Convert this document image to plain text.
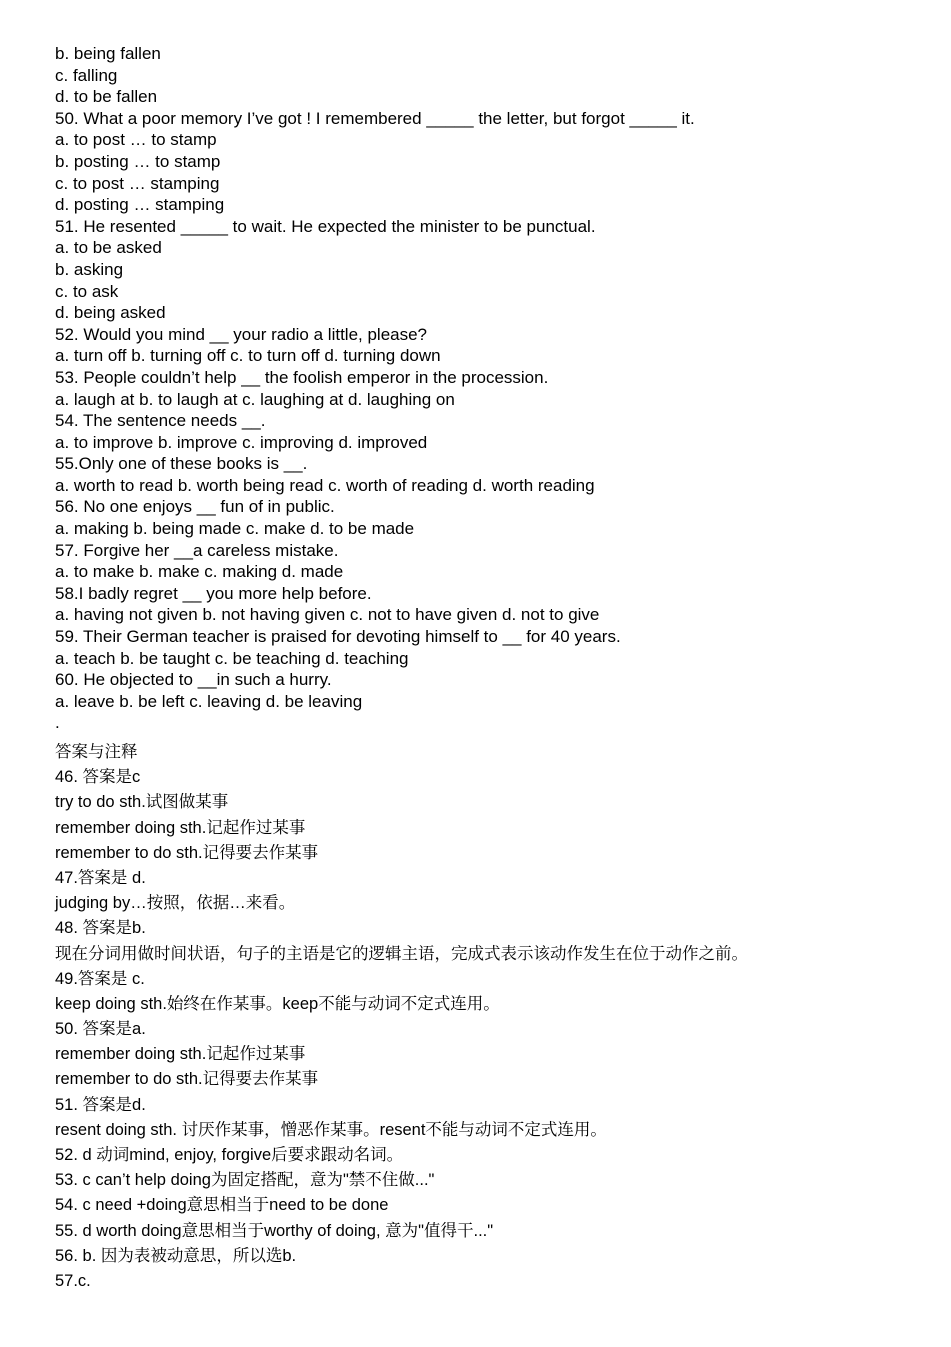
b. being fallen
c. falling
d. to be fallen
50. What a poor memory I’ve got ! I remembered _____ the letter, but forgot _____ it.
a. to post … to stamp
b. posting … to stamp
c. to post … stamping
d. posting … stamping
51. He resented _____ to wait. He expected the minister to be punctual.
a. to be asked
b. asking
c. to ask
d. being asked
52. Would you mind __ your radio a little, please?
a. turn off b. turning off c. to turn off d. turning down
53. People couldn’t help __ the foolish emperor in the procession.
a. laugh at b. to laugh at c. laughing at d. laughing on
54. The sentence needs __.
a. to improve b. improve c. improving d. improved
55.Only one of these books is __.
a. worth to read b. worth being read c. worth of reading d. worth reading
56. No one enjoys __ fun of in public.
a. making b. being made c. make d. to be made
57. Forgive her __a careless mistake.
a. to make b. make c. making d. made
58.I badly regret __ you more help before.
a. having not given b. not having given c. not to have given d. not to give
59. Their German teacher is praised for devoting himself to __ for 40 years.
a. teach b. be taught c. be teaching d. teaching
60. He objected to __in such a hurry.
a. leave b. be left c. leaving d. be leaving
.
答案与注释
46. 答案是c
try to do sth.试图做某事
remember doing sth.记起作过某事
remember to do sth.记得要去作某事
47.答案是 d.
judging by…按照，依据…来看。
48. 答案是b.
现在分词用做时间状语，句子的主语是它的逻辑主语，完成式表示该动作发生在位于动作之前。
49.答案是 c.
keep doing sth.始终在作某事。keep不能与动词不定式连用。
50. 答案是a.
remember doing sth.记起作过某事
remember to do sth.记得要去作某事
51. 答案是d.
resent doing sth. 讨厌作某事，憎恶作某事。resent不能与动词不定式连用。
52. d 动词mind, enjoy, forgive后要求跟动名词。
53. c can’t help doing为固定搭配，意为"禁不住做..."
54. c need +doing意思相当于need to be done
55. d worth doing意思相当于worthy of doing, 意为"值得干..."
56. b. 因为表被动意思，所以选b.
57.c.
